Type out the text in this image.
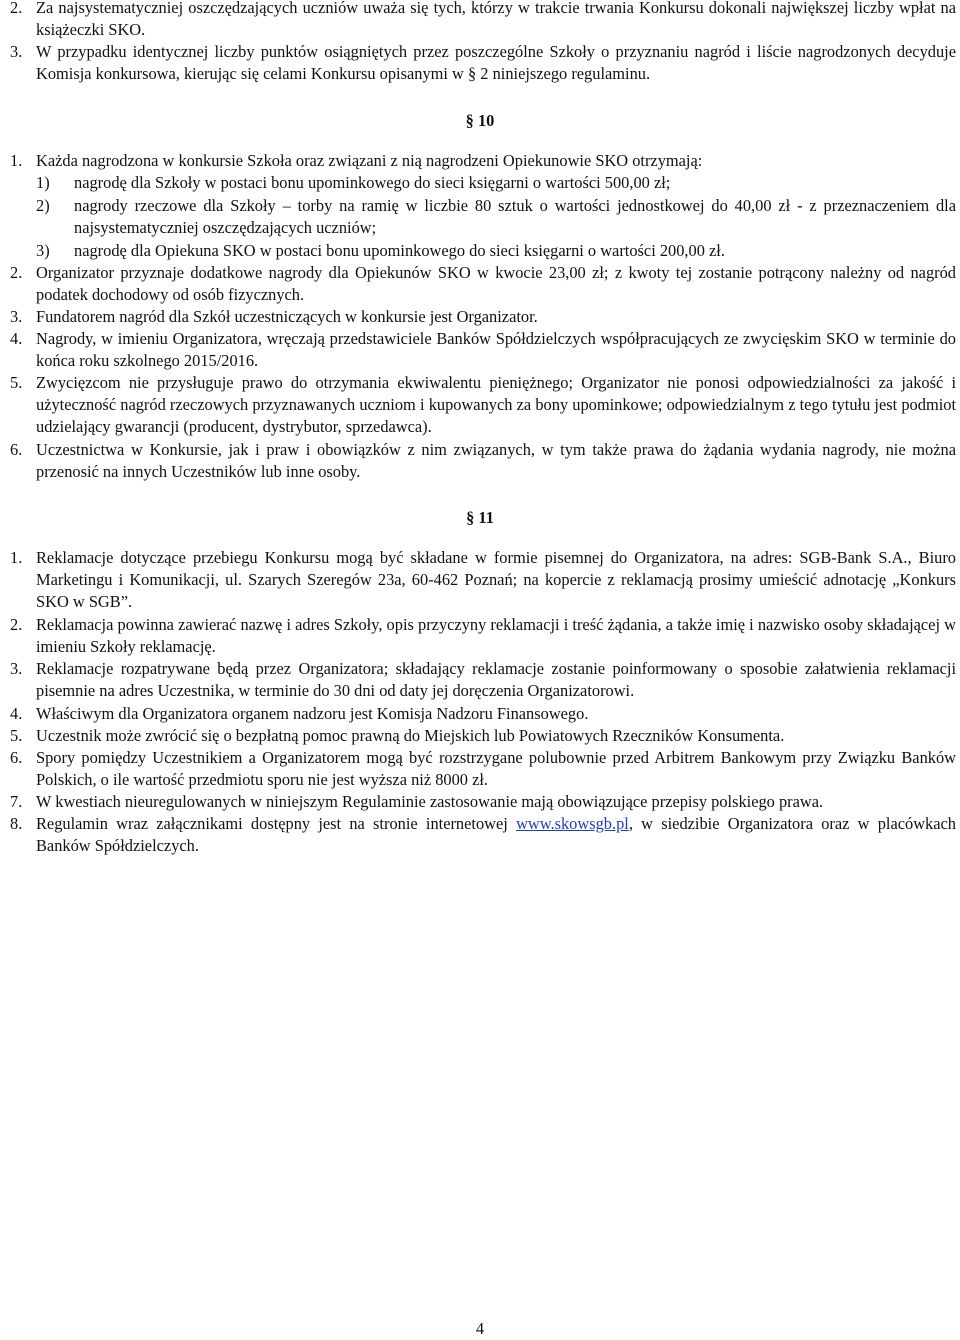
2. Za najsystematyczniej oszczędzających uczniów uważa się tych, którzy w trakcie trwania Konkursu dokonali największej liczby wpłat na książeczki SKO.
3. W przypadku identycznej liczby punktów osiągniętych przez poszczególne Szkoły o przyznaniu nagród i liście nagrodzonych decyduje Komisja konkursowa, kierując się celami Konkursu opisanymi w § 2 niniejszego regulaminu.
§ 10
1. Każda nagrodzona w konkursie Szkoła oraz związani z nią nagrodzeni Opiekunowie SKO otrzymają:
1) nagrodę dla Szkoły w postaci bonu upominkowego do sieci księgarni o wartości 500,00 zł;
2) nagrody rzeczowe dla Szkoły – torby na ramię w liczbie 80 sztuk o wartości jednostkowej do 40,00 zł - z przeznaczeniem dla najsystematyczniej oszczędzających uczniów;
3) nagrodę dla Opiekuna SKO w postaci bonu upominkowego do sieci księgarni o wartości 200,00 zł.
2. Organizator przyznaje dodatkowe nagrody dla Opiekunów SKO w kwocie 23,00 zł; z kwoty tej zostanie potrącony należny od nagród podatek dochodowy od osób fizycznych.
3. Fundatorem nagród dla Szkół uczestniczących w konkursie jest Organizator.
4. Nagrody, w imieniu Organizatora, wręczają przedstawiciele Banków Spółdzielczych współpracujących ze zwycięskim SKO w terminie do końca roku szkolnego 2015/2016.
5. Zwycięzcom nie przysługuje prawo do otrzymania ekwiwalentu pieniężnego; Organizator nie ponosi odpowiedzialności za jakość i użyteczność nagród rzeczowych przyznawanych uczniom i kupowanych za bony upominkowe; odpowiedzialnym z tego tytułu jest podmiot udzielający gwarancji (producent, dystrybutor, sprzedawca).
6. Uczestnictwa w Konkursie, jak i praw i obowiązków z nim związanych, w tym także prawa do żądania wydania nagrody, nie można przenosić na innych Uczestników lub inne osoby.
§ 11
1. Reklamacje dotyczące przebiegu Konkursu mogą być składane w formie pisemnej do Organizatora, na adres: SGB-Bank S.A., Biuro Marketingu i Komunikacji, ul. Szarych Szeregów 23a, 60-462 Poznań; na kopercie z reklamacją prosimy umieścić adnotację „Konkurs SKO w SGB”.
2. Reklamacja powinna zawierać nazwę i adres Szkoły, opis przyczyny reklamacji i treść żądania, a także imię i nazwisko osoby składającej w imieniu Szkoły reklamację.
3. Reklamacje rozpatrywane będą przez Organizatora; składający reklamacje zostanie poinformowany o sposobie załatwienia reklamacji pisemnie na adres Uczestnika, w terminie do 30 dni od daty jej doręczenia Organizatorowi.
4. Właściwym dla Organizatora organem nadzoru jest Komisja Nadzoru Finansowego.
5. Uczestnik może zwrócić się o bezpłatną pomoc prawną do Miejskich lub Powiatowych Rzeczników Konsumenta.
6. Spory pomiędzy Uczestnikiem a Organizatorem mogą być rozstrzygane polubownie przed Arbitrem Bankowym przy Związku Banków Polskich, o ile wartość przedmiotu sporu nie jest wyższa niż 8000 zł.
7. W kwestiach nieuregulowanych w niniejszym Regulaminie zastosowanie mają obowiązujące przepisy polskiego prawa.
8. Regulamin wraz załącznikami dostępny jest na stronie internetowej www.skowsgb.pl, w siedzibie Organizatora oraz w placówkach Banków Spółdzielczych.
4
